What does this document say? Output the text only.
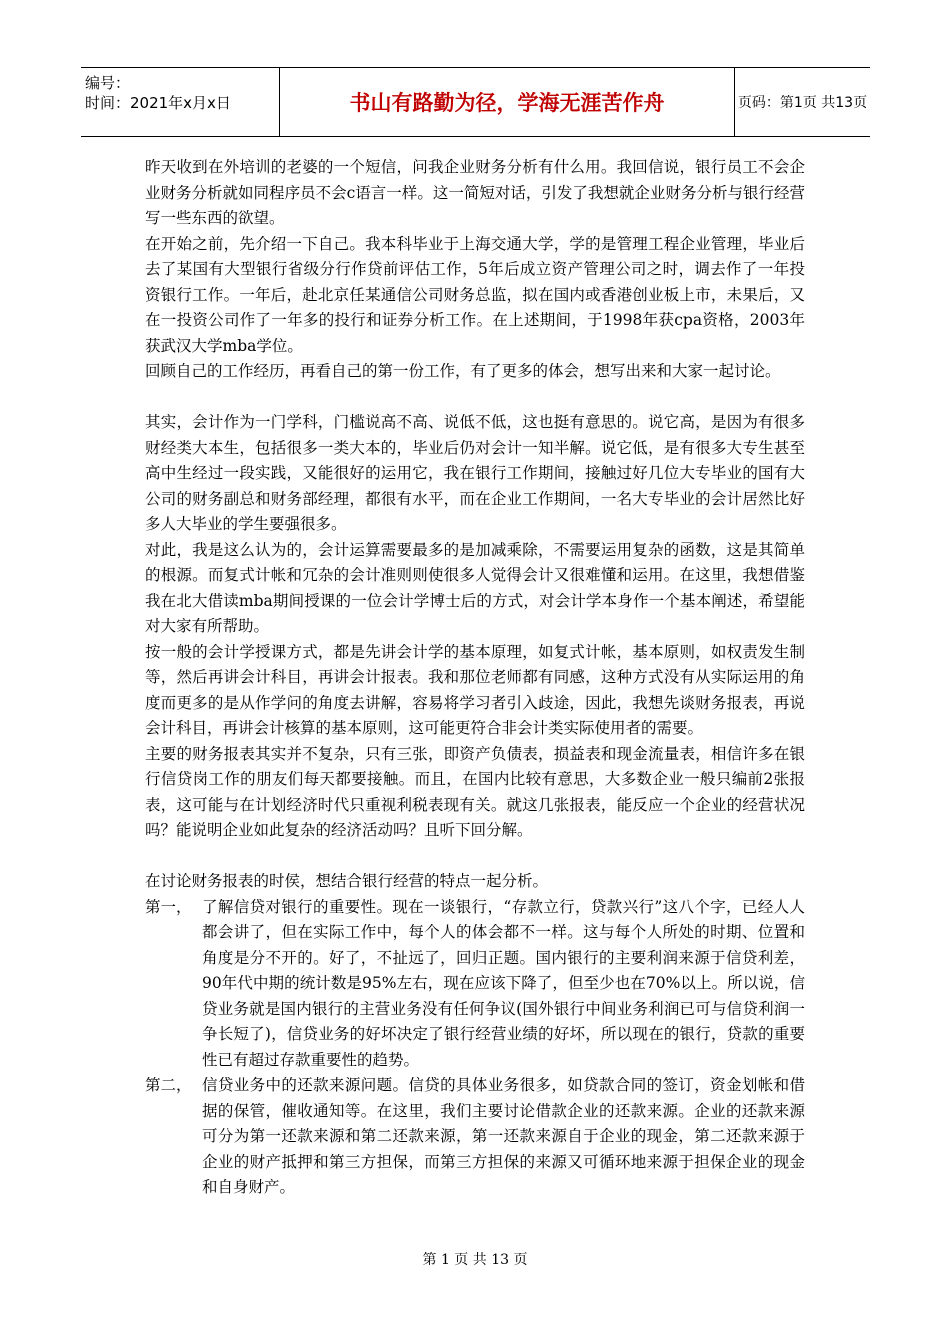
编号：
时间：2021年x月x日	书山有路勤为径，学海无涯苦作舟	页码：第1页 共13页

昨天收到在外培训的老婆的一个短信，问我企业财务分析有什么用。我回信说，银行员工不会企业财务分析就如同程序员不会c语言一样。这一简短对话，引发了我想就企业财务分析与银行经营写一些东西的欲望。

在开始之前，先介绍一下自己。我本科毕业于上海交通大学，学的是管理工程企业管理，毕业后去了某国有大型银行省级分行作贷前评估工作，5年后成立资产管理公司之时，调去作了一年投资银行工作。一年后，赴北京任某通信公司财务总监，拟在国内或香港创业板上市，未果后，又在一投资公司作了一年多的投行和证券分析工作。在上述期间，于1998年获cpa资格，2003年获武汉大学mba学位。

回顾自己的工作经历，再看自己的第一份工作，有了更多的体会，想写出来和大家一起讨论。

其实，会计作为一门学科，门槛说高不高、说低不低，这也挺有意思的。说它高，是因为有很多财经类大本生，包括很多一类大本的，毕业后仍对会计一知半解。说它低，是有很多大专生甚至高中生经过一段实践，又能很好的运用它，我在银行工作期间，接触过好几位大专毕业的国有大公司的财务副总和财务部经理，都很有水平，而在企业工作期间，一名大专毕业的会计居然比好多人大毕业的学生要强很多。

对此，我是这么认为的，会计运算需要最多的是加减乘除，不需要运用复杂的函数，这是其简单的根源。而复式计帐和冗杂的会计准则则使很多人觉得会计又很难懂和运用。在这里，我想借鉴我在北大借读mba期间授课的一位会计学博士后的方式，对会计学本身作一个基本阐述，希望能对大家有所帮助。

按一般的会计学授课方式，都是先讲会计学的基本原理，如复式计帐，基本原则，如权责发生制等，然后再讲会计科目，再讲会计报表。我和那位老师都有同感，这种方式没有从实际运用的角度而更多的是从作学问的角度去讲解，容易将学习者引入歧途，因此，我想先谈财务报表，再说会计科目，再讲会计核算的基本原则，这可能更符合非会计类实际使用者的需要。

主要的财务报表其实并不复杂，只有三张，即资产负债表，损益表和现金流量表，相信许多在银行信贷岗工作的朋友们每天都要接触。而且，在国内比较有意思，大多数企业一般只编前2张报表，这可能与在计划经济时代只重视利税表现有关。就这几张报表，能反应一个企业的经营状况吗？能说明企业如此复杂的经济活动吗？且听下回分解。

在讨论财务报表的时侯，想结合银行经营的特点一起分析。

第一， 了解信贷对银行的重要性。现在一谈银行，“存款立行，贷款兴行”这八个字，已经人人都会讲了，但在实际工作中，每个人的体会都不一样。这与每个人所处的时期、位置和角度是分不开的。好了，不扯远了，回归正题。国内银行的主要利润来源于信贷利差，90年代中期的统计数是95%左右，现在应该下降了，但至少也在70%以上。所以说，信贷业务就是国内银行的主营业务没有任何争议(国外银行中间业务利润已可与信贷利润一争长短了)，信贷业务的好坏决定了银行经营业绩的好坏，所以现在的银行，贷款的重要性已有超过存款重要性的趋势。
第二， 信贷业务中的还款来源问题。信贷的具体业务很多，如贷款合同的签订，资金划帐和借据的保管，催收通知等。在这里，我们主要讨论借款企业的还款来源。企业的还款来源可分为第一还款来源和第二还款来源，第一还款来源自于企业的现金，第二还款来源于企业的财产抵押和第三方担保，而第三方担保的来源又可循环地来源于担保企业的现金和自身财产。
第 1 页 共 13 页
